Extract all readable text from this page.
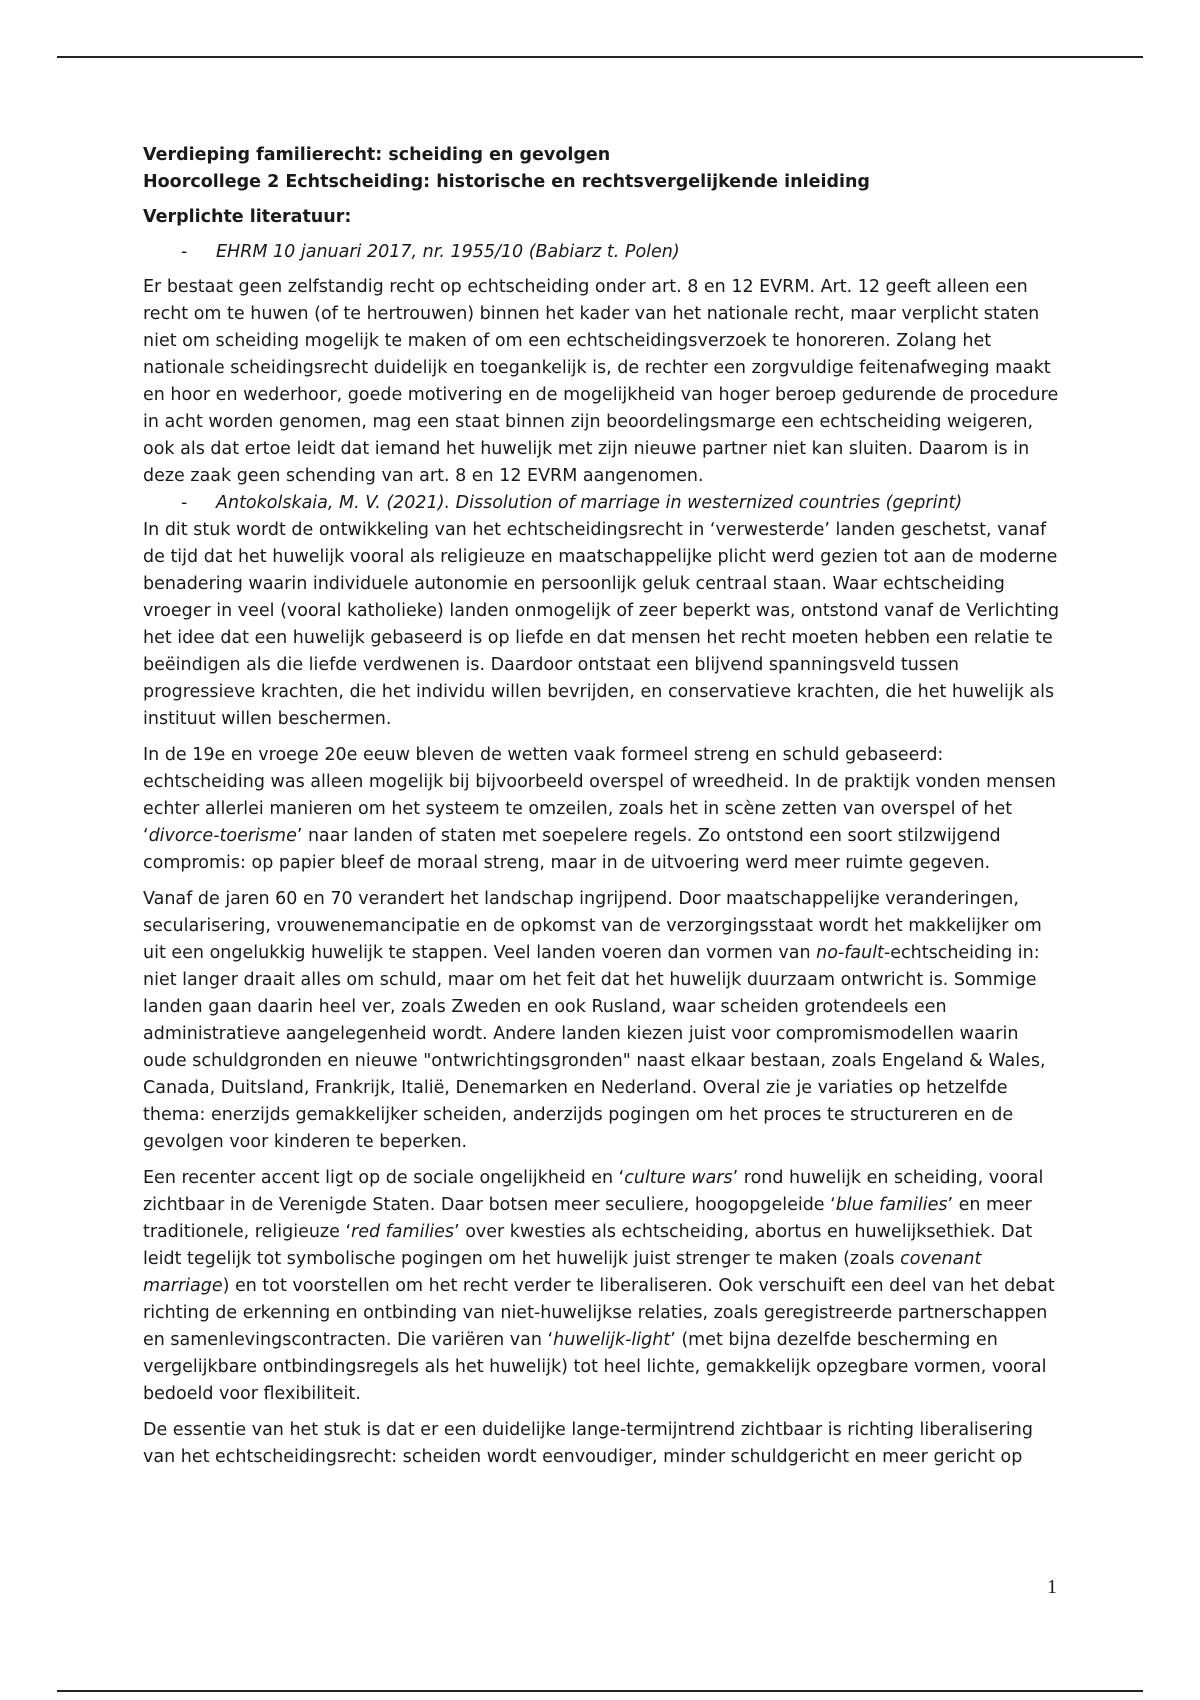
Verdieping familierecht: scheiding en gevolgen

Hoorcollege 2 Echtscheiding: historische en rechtsvergelijkende inleiding

Verplichte literatuur:

- EHRM 10 januari 2017, nr. 1955/10 (Babiarz t. Polen)

Er bestaat geen zelfstandig recht op echtscheiding onder art. 8 en 12 EVRM. Art. 12 geeft alleen een recht om te huwen (of te hertrouwen) binnen het kader van het nationale recht, maar verplicht staten niet om scheiding mogelijk te maken of om een echtscheidingsverzoek te honoreren. Zolang het nationale scheidingsrecht duidelijk en toegankelijk is, de rechter een zorgvuldige feitenafweging maakt en hoor en wederhoor, goede motivering en de mogelijkheid van hoger beroep gedurende de procedure in acht worden genomen, mag een staat binnen zijn beoordelingsmarge een echtscheiding weigeren, ook als dat ertoe leidt dat iemand het huwelijk met zijn nieuwe partner niet kan sluiten. Daarom is in deze zaak geen schending van art. 8 en 12 EVRM aangenomen.

- Antokolskaia, M. V. (2021). Dissolution of marriage in westernized countries (geprint)

In dit stuk wordt de ontwikkeling van het echtscheidingsrecht in ‘verwesterde’ landen geschetst, vanaf de tijd dat het huwelijk vooral als religieuze en maatschappelijke plicht werd gezien tot aan de moderne benadering waarin individuele autonomie en persoonlijk geluk centraal staan. Waar echtscheiding vroeger in veel (vooral katholieke) landen onmogelijk of zeer beperkt was, ontstond vanaf de Verlichting het idee dat een huwelijk gebaseerd is op liefde en dat mensen het recht moeten hebben een relatie te beëindigen als die liefde verdwenen is. Daardoor ontstaat een blijvend spanningsveld tussen progressieve krachten, die het individu willen bevrijden, en conservatieve krachten, die het huwelijk als instituut willen beschermen.

In de 19e en vroege 20e eeuw bleven de wetten vaak formeel streng en schuld gebaseerd: echtscheiding was alleen mogelijk bij bijvoorbeeld overspel of wreedheid. In de praktijk vonden mensen echter allerlei manieren om het systeem te omzeilen, zoals het in scène zetten van overspel of het ‘divorce-toerisme’ naar landen of staten met soepelere regels. Zo ontstond een soort stilzwijgend compromis: op papier bleef de moraal streng, maar in de uitvoering werd meer ruimte gegeven.

Vanaf de jaren 60 en 70 verandert het landschap ingrijpend. Door maatschappelijke veranderingen, secularisering, vrouwenemancipatie en de opkomst van de verzorgingsstaat wordt het makkelijker om uit een ongelukkig huwelijk te stappen. Veel landen voeren dan vormen van no-fault-echtscheiding in: niet langer draait alles om schuld, maar om het feit dat het huwelijk duurzaam ontwricht is. Sommige landen gaan daarin heel ver, zoals Zweden en ook Rusland, waar scheiden grotendeels een administratieve aangelegenheid wordt. Andere landen kiezen juist voor compromismodellen waarin oude schuldgronden en nieuwe "ontwrichtingsgronden" naast elkaar bestaan, zoals Engeland & Wales, Canada, Duitsland, Frankrijk, Italië, Denemarken en Nederland. Overal zie je variaties op hetzelfde thema: enerzijds gemakkelijker scheiden, anderzijds pogingen om het proces te structureren en de gevolgen voor kinderen te beperken.

Een recenter accent ligt op de sociale ongelijkheid en ‘culture wars’ rond huwelijk en scheiding, vooral zichtbaar in de Verenigde Staten. Daar botsen meer seculiere, hoogopgeleide ‘blue families’ en meer traditionele, religieuze ‘red families’ over kwesties als echtscheiding, abortus en huwelijksethiek. Dat leidt tegelijk tot symbolische pogingen om het huwelijk juist strenger te maken (zoals covenant marriage) en tot voorstellen om het recht verder te liberaliseren. Ook verschuift een deel van het debat richting de erkenning en ontbinding van niet-huwelijkse relaties, zoals geregistreerde partnerschappen en samenlevingscontracten. Die variëren van ‘huwelijk-light’ (met bijna dezelfde bescherming en vergelijkbare ontbindingsregels als het huwelijk) tot heel lichte, gemakkelijk opzegbare vormen, vooral bedoeld voor flexibiliteit.

De essentie van het stuk is dat er een duidelijke lange-termijntrend zichtbaar is richting liberalisering van het echtscheidingsrecht: scheiden wordt eenvoudiger, minder schuldgericht en meer gericht op

1
